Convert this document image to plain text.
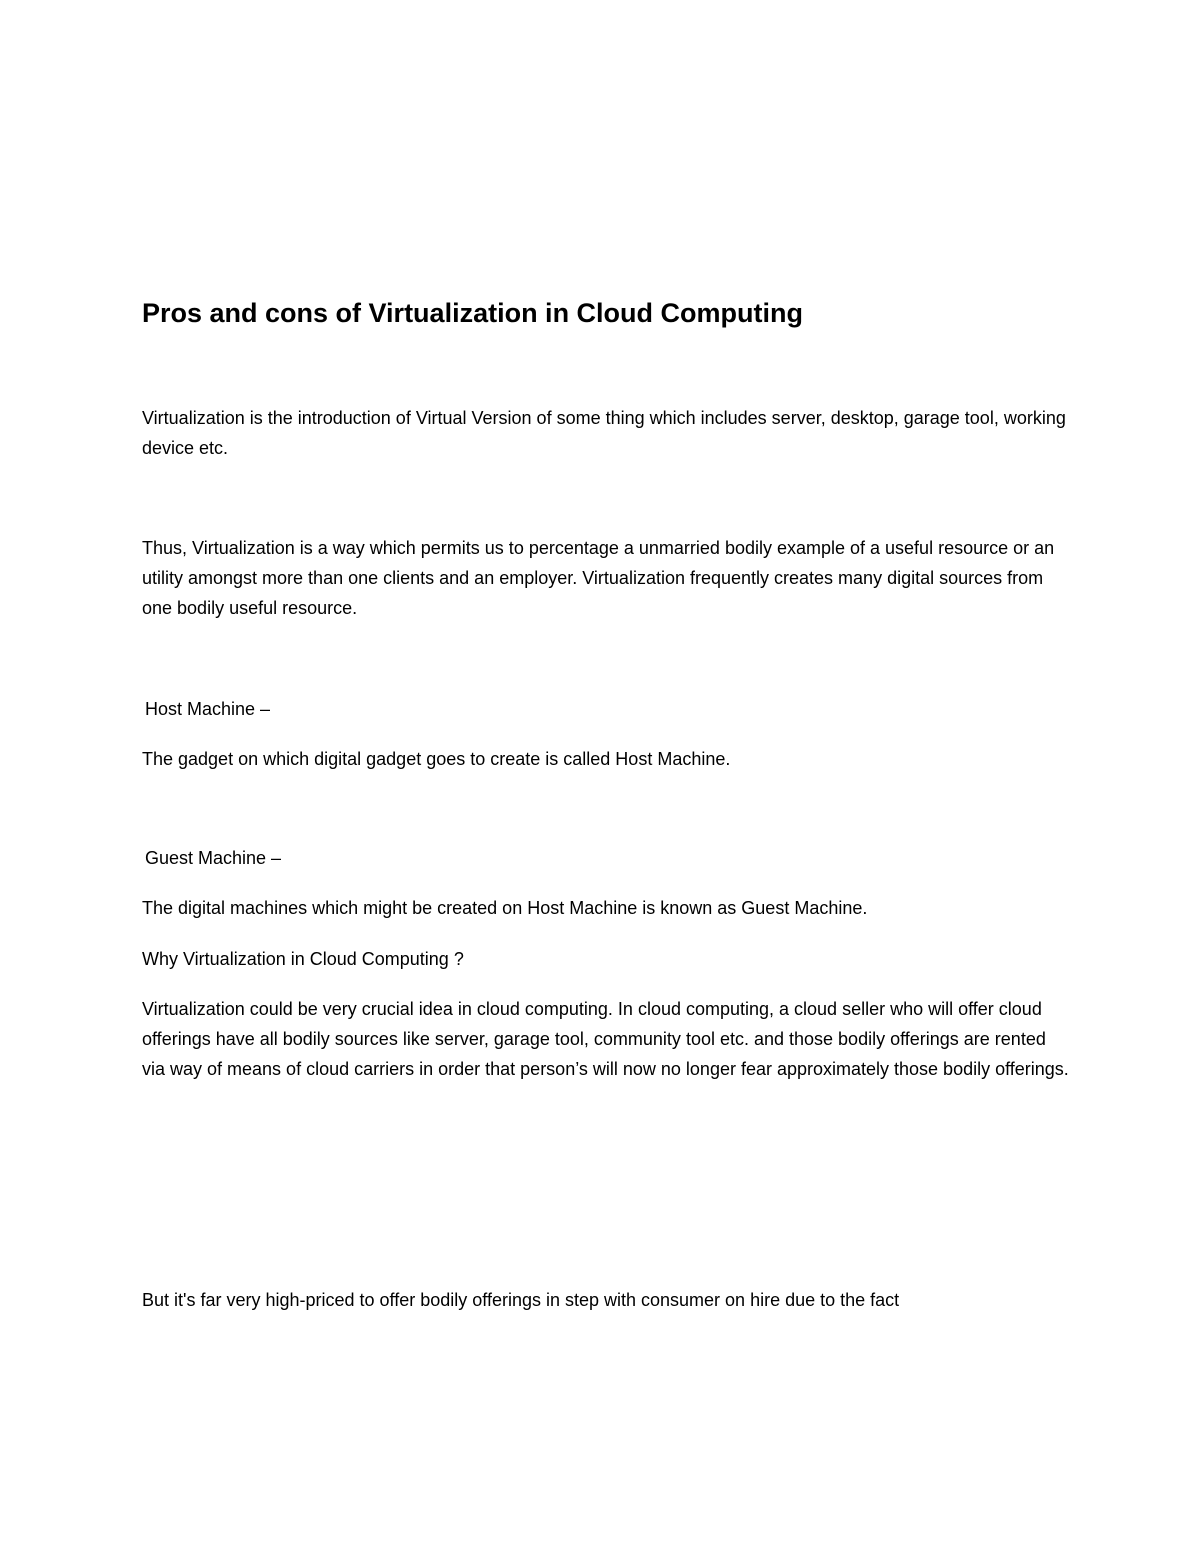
Pros and cons of Virtualization in Cloud Computing

Virtualization is the introduction of Virtual Version of some thing which includes server, desktop, garage tool, working device etc.

Thus, Virtualization is a way which permits us to percentage a unmarried bodily example of a useful resource or an utility amongst more than one clients and an employer. Virtualization frequently creates many digital sources from one bodily useful resource.

Host Machine –

The gadget on which digital gadget goes to create is called Host Machine.

Guest Machine –

The digital machines which might be created on Host Machine is known as Guest Machine.

Why Virtualization in Cloud Computing ?

Virtualization could be very crucial idea in cloud computing. In cloud computing, a cloud seller who will offer cloud offerings have all bodily sources like server, garage tool, community tool etc. and those bodily offerings are rented via way of means of cloud carriers in order that person’s will now no longer fear approximately those bodily offerings.

But it's far very high-priced to offer bodily offerings in step with consumer on hire due to the fact
